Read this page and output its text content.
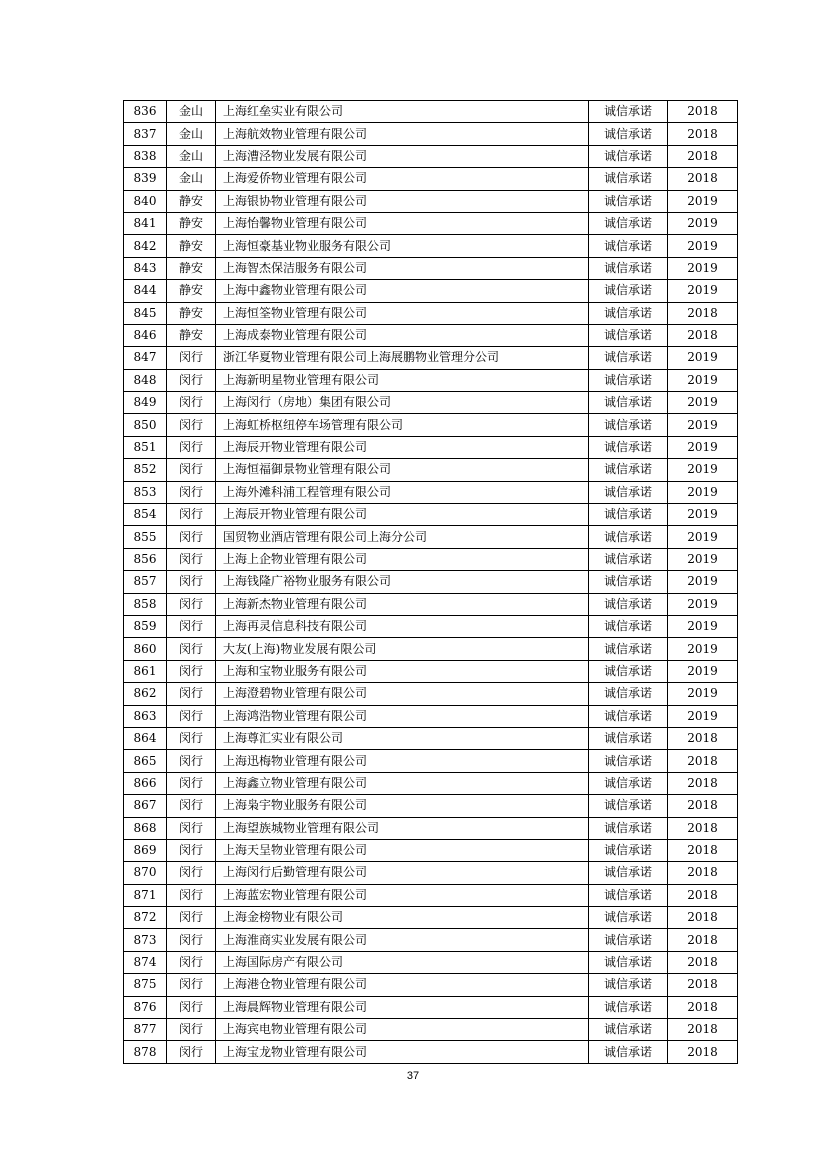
836	金山	上海红垒实业有限公司	诚信承诺	2018
837	金山	上海航效物业管理有限公司	诚信承诺	2018
838	金山	上海漕泾物业发展有限公司	诚信承诺	2018
839	金山	上海爱侨物业管理有限公司	诚信承诺	2018
840	静安	上海银协物业管理有限公司	诚信承诺	2019
841	静安	上海怡馨物业管理有限公司	诚信承诺	2019
842	静安	上海恒豪基业物业服务有限公司	诚信承诺	2019
843	静安	上海智杰保洁服务有限公司	诚信承诺	2019
844	静安	上海中鑫物业管理有限公司	诚信承诺	2019
845	静安	上海恒筌物业管理有限公司	诚信承诺	2018
846	静安	上海成泰物业管理有限公司	诚信承诺	2018
847	闵行	浙江华夏物业管理有限公司上海展鹏物业管理分公司	诚信承诺	2019
848	闵行	上海新明星物业管理有限公司	诚信承诺	2019
849	闵行	上海闵行（房地）集团有限公司	诚信承诺	2019
850	闵行	上海虹桥枢纽停车场管理有限公司	诚信承诺	2019
851	闵行	上海辰开物业管理有限公司	诚信承诺	2019
852	闵行	上海恒福御景物业管理有限公司	诚信承诺	2019
853	闵行	上海外滩科浦工程管理有限公司	诚信承诺	2019
854	闵行	上海辰开物业管理有限公司	诚信承诺	2019
855	闵行	国贸物业酒店管理有限公司上海分公司	诚信承诺	2019
856	闵行	上海上企物业管理有限公司	诚信承诺	2019
857	闵行	上海钱隆广裕物业服务有限公司	诚信承诺	2019
858	闵行	上海新杰物业管理有限公司	诚信承诺	2019
859	闵行	上海再灵信息科技有限公司	诚信承诺	2019
860	闵行	大友(上海)物业发展有限公司	诚信承诺	2019
861	闵行	上海和宝物业服务有限公司	诚信承诺	2019
862	闵行	上海澄碧物业管理有限公司	诚信承诺	2019
863	闵行	上海鸿浩物业管理有限公司	诚信承诺	2019
864	闵行	上海尊汇实业有限公司	诚信承诺	2018
865	闵行	上海迅梅物业管理有限公司	诚信承诺	2018
866	闵行	上海鑫立物业管理有限公司	诚信承诺	2018
867	闵行	上海枭宇物业服务有限公司	诚信承诺	2018
868	闵行	上海望族城物业管理有限公司	诚信承诺	2018
869	闵行	上海天呈物业管理有限公司	诚信承诺	2018
870	闵行	上海闵行后勤管理有限公司	诚信承诺	2018
871	闵行	上海蓝宏物业管理有限公司	诚信承诺	2018
872	闵行	上海金榜物业有限公司	诚信承诺	2018
873	闵行	上海淮商实业发展有限公司	诚信承诺	2018
874	闵行	上海国际房产有限公司	诚信承诺	2018
875	闵行	上海港仓物业管理有限公司	诚信承诺	2018
876	闵行	上海晨辉物业管理有限公司	诚信承诺	2018
877	闵行	上海宾电物业管理有限公司	诚信承诺	2018
878	闵行	上海宝龙物业管理有限公司	诚信承诺	2018
37
